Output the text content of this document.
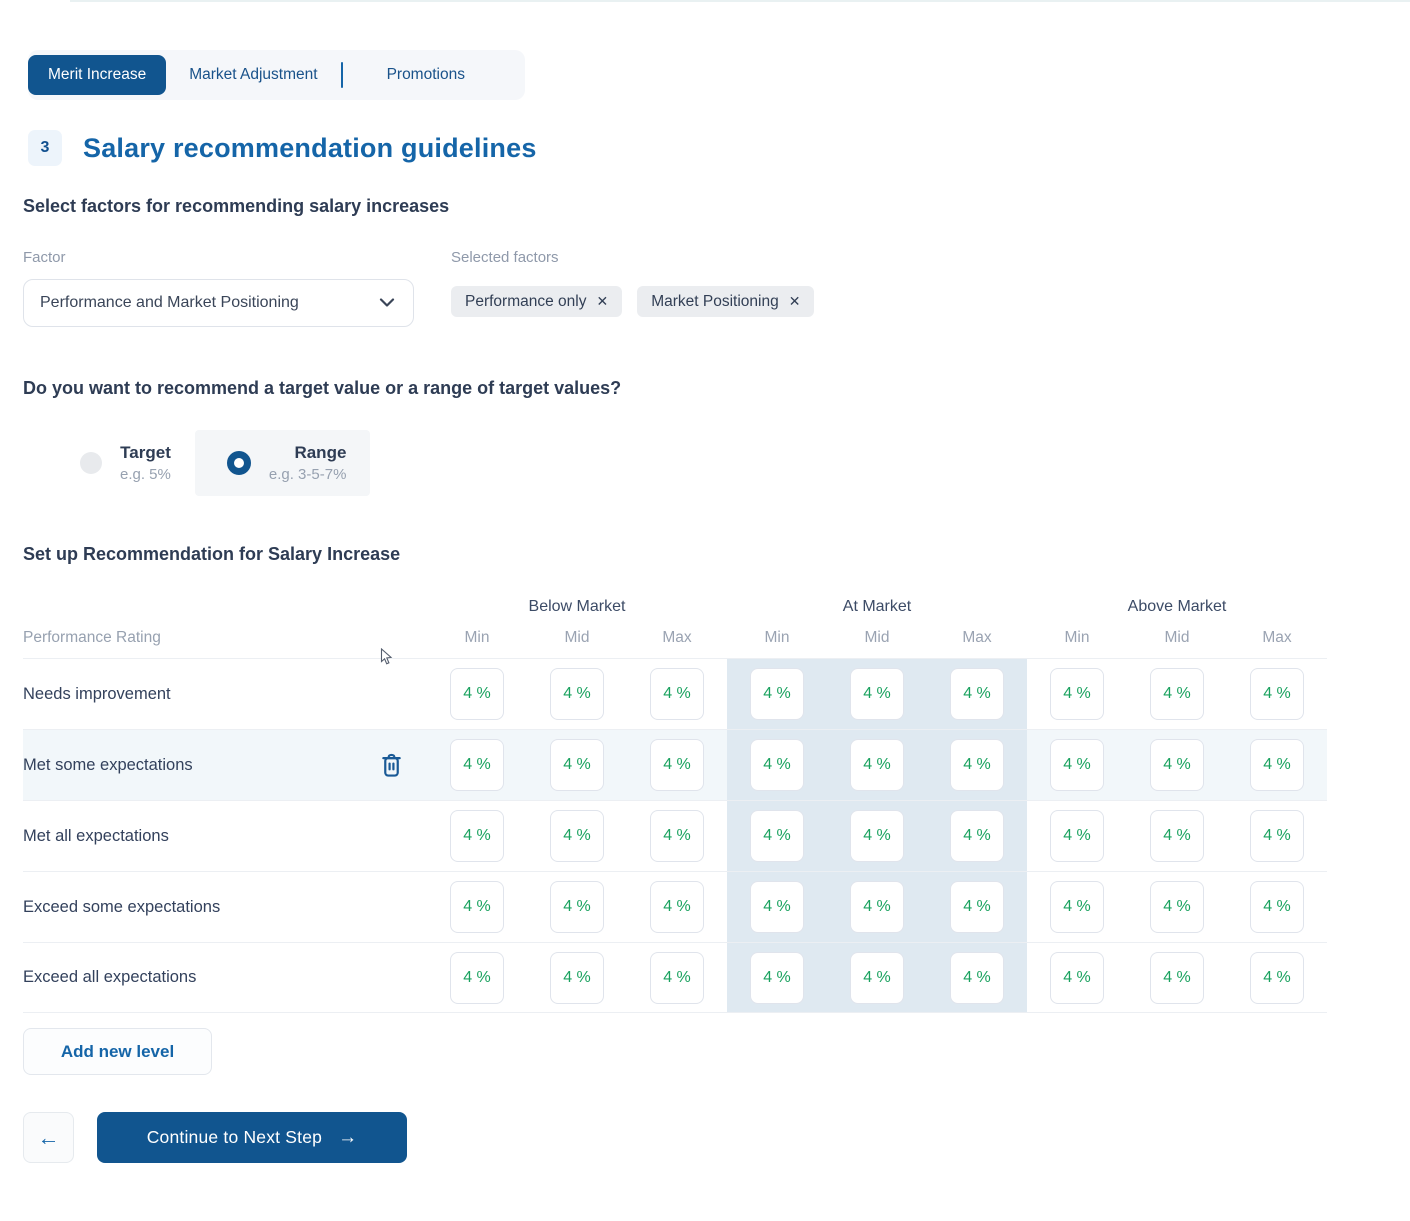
Merit Increase	Market Adjustment	Promotions
3	Salary recommendation guidelines
Select factors for recommending salary increases
Factor
Performance and Market Positioning
Selected factors
Performance only ✕	Market Positioning ✕
Do you want to recommend a target value or a range of target values?
Target
e.g. 5%
Range
e.g. 3-5-7%
Set up Recommendation for Salary Increase
Below Market	At Market	Above Market
Performance Rating	Min	Mid	Max	Min	Mid	Max	Min	Mid	Max
Needs improvement	4 %	4 %	4 %	4 %	4 %	4 %	4 %	4 %	4 %
Met some expectations	4 %	4 %	4 %	4 %	4 %	4 %	4 %	4 %	4 %
Met all expectations	4 %	4 %	4 %	4 %	4 %	4 %	4 %	4 %	4 %
Exceed some expectations	4 %	4 %	4 %	4 %	4 %	4 %	4 %	4 %	4 %
Exceed all expectations	4 %	4 %	4 %	4 %	4 %	4 %	4 %	4 %	4 %
Add new level
←	Continue to Next Step →
